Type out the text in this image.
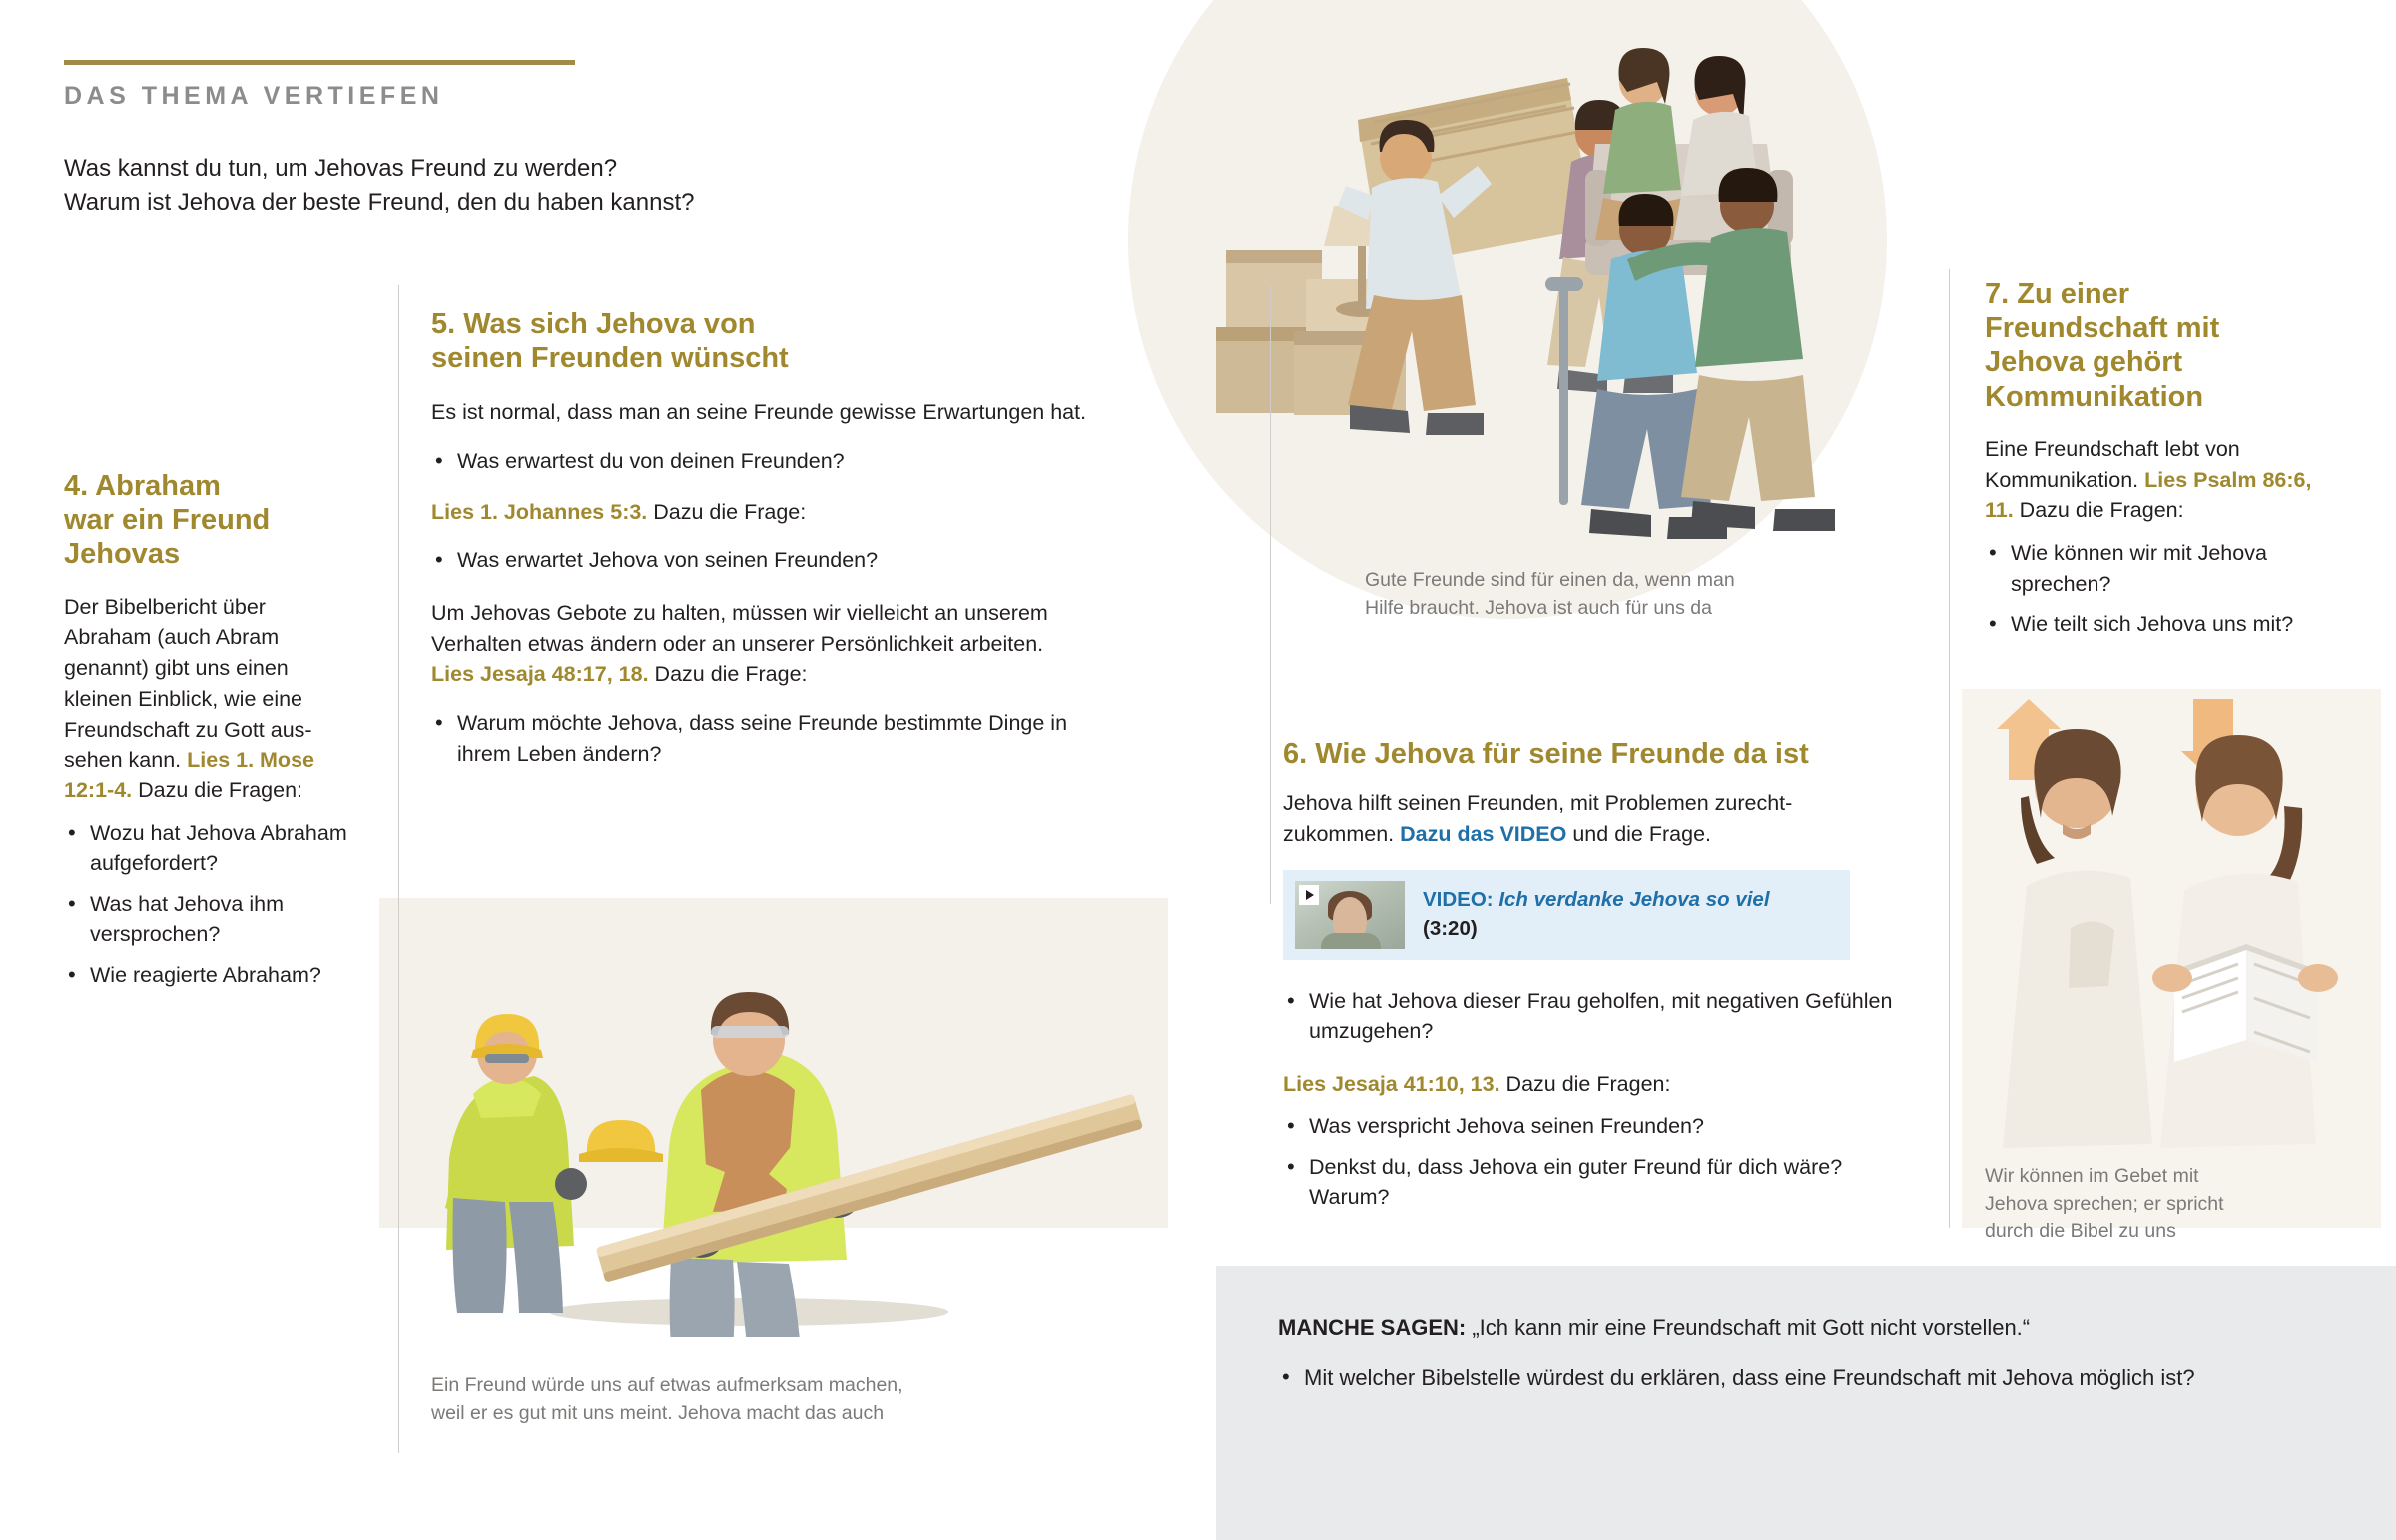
DAS THEMA VERTIEFEN
Was kannst du tun, um Jehovas Freund zu werden?
Warum ist Jehova der beste Freund, den du haben kannst?
4. Abraham
war ein Freund
Jehovas
Der Bibelbericht über Abraham (auch Abram genannt) gibt uns einen kleinen Einblick, wie eine Freundschaft zu Gott aus-sehen kann. Lies 1. Mose 12:1-4. Dazu die Fragen:
• Wozu hat Jehova Abraham aufgefordert?
• Was hat Jehova ihm versprochen?
• Wie reagierte Abraham?
5. Was sich Jehova von
seinen Freunden wünscht

Es ist normal, dass man an seine Freunde gewisse Erwartungen hat.

• Was erwartest du von deinen Freunden?

Lies 1. Johannes 5:3. Dazu die Frage:

• Was erwartet Jehova von seinen Freunden?

Um Jehovas Gebote zu halten, müssen wir vielleicht an unserem Verhalten etwas ändern oder an unserer Persönlichkeit arbeiten. Lies Jesaja 48:17, 18. Dazu die Frage:

• Warum möchte Jehova, dass seine Freunde bestimmte Dinge in ihrem Leben ändern?
Ein Freund würde uns auf etwas aufmerksam machen,
weil er es gut mit uns meint. Jehova macht das auch
Gute Freunde sind für einen da, wenn man
Hilfe braucht. Jehova ist auch für uns da
6. Wie Jehova für seine Freunde da ist

Jehova hilft seinen Freunden, mit Problemen zurecht-zukommen. Dazu das VIDEO und die Frage.

VIDEO: Ich verdanke Jehova so viel
(3:20)
• Wie hat Jehova dieser Frau geholfen, mit negativen Gefühlen umzugehen?

Lies Jesaja 41:10, 13. Dazu die Fragen:

• Was verspricht Jehova seinen Freunden?
• Denkst du, dass Jehova ein guter Freund für dich wäre? Warum?
7. Zu einer
Freundschaft mit
Jehova gehört
Kommunikation
Eine Freundschaft lebt von Kommunikation. Lies Psalm 86:6, 11. Dazu die Fragen:
• Wie können wir mit Jehova sprechen?
• Wie teilt sich Jehova uns mit?
Wir können im Gebet mit
Jehova sprechen; er spricht
durch die Bibel zu uns
MANCHE SAGEN: „Ich kann mir eine Freundschaft mit Gott nicht vorstellen.“
• Mit welcher Bibelstelle würdest du erklären, dass eine Freundschaft mit Jehova möglich ist?
